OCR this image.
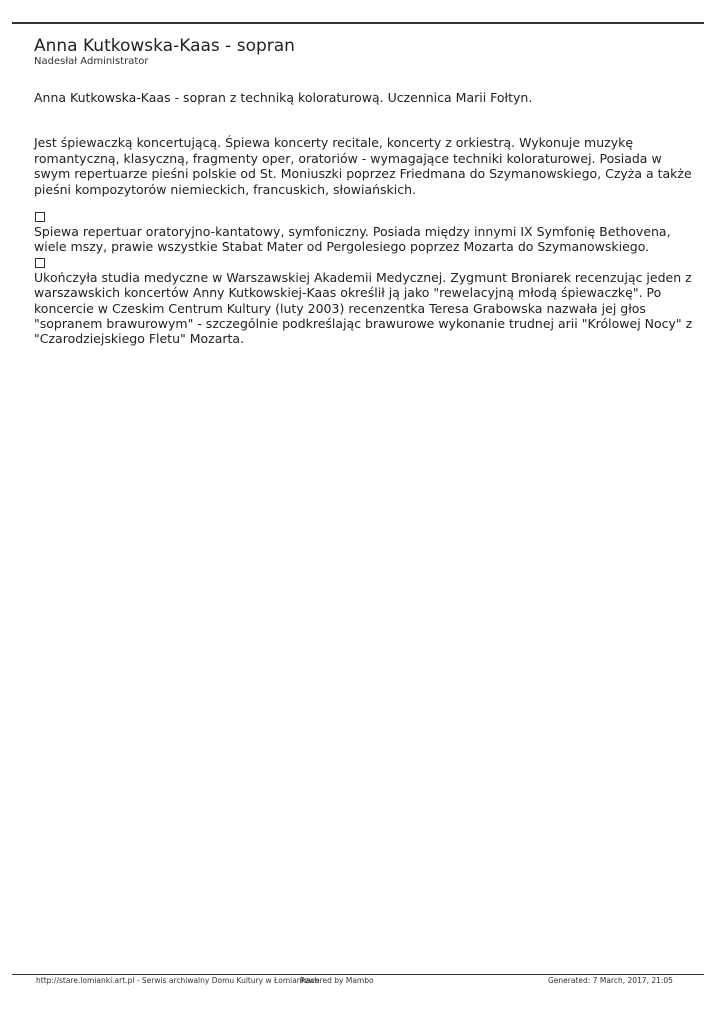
Anna Kutkowska-Kaas - sopran

Nadesłał Administrator

Anna Kutkowska-Kaas - sopran z techniką koloraturową. Uczennica Marii Fołtyn.

Jest śpiewaczką koncertującą. Śpiewa koncerty recitale, koncerty z orkiestrą. Wykonuje muzykę romantyczną, klasyczną, fragmenty oper, oratoriów - wymagające techniki koloraturowej. Posiada w swym repertuarze pieśni polskie od St. Moniuszki poprzez Friedmana do Szymanowskiego, Czyża a także pieśni kompozytorów niemieckich, francuskich, słowiańskich.

Spiewa repertuar oratoryjno-kantatowy, symfoniczny. Posiada między innymi IX Symfonię Bethovena, wiele mszy, prawie wszystkie Stabat Mater od Pergolesiego poprzez Mozarta do Szymanowskiego.

Ukończyła studia medyczne w Warszawskiej Akademii Medycznej. Zygmunt Broniarek recenzując jeden z warszawskich koncertów Anny Kutkowskiej-Kaas określił ją jako "rewelacyjną młodą śpiewaczkę". Po koncercie w Czeskim Centrum Kultury (luty 2003) recenzentka Teresa Grabowska nazwała jej głos "sopranem brawurowym" - szczególnie podkreślając brawurowe wykonanie trudnej arii "Królowej Nocy" z "Czarodziejskiego Fletu" Mozarta.

http://stare.lomianki.art.pl - Serwis archiwalny Domu Kultury w Łomiankach
Powered by Mambo	Generated: 7 March, 2017, 21:05
